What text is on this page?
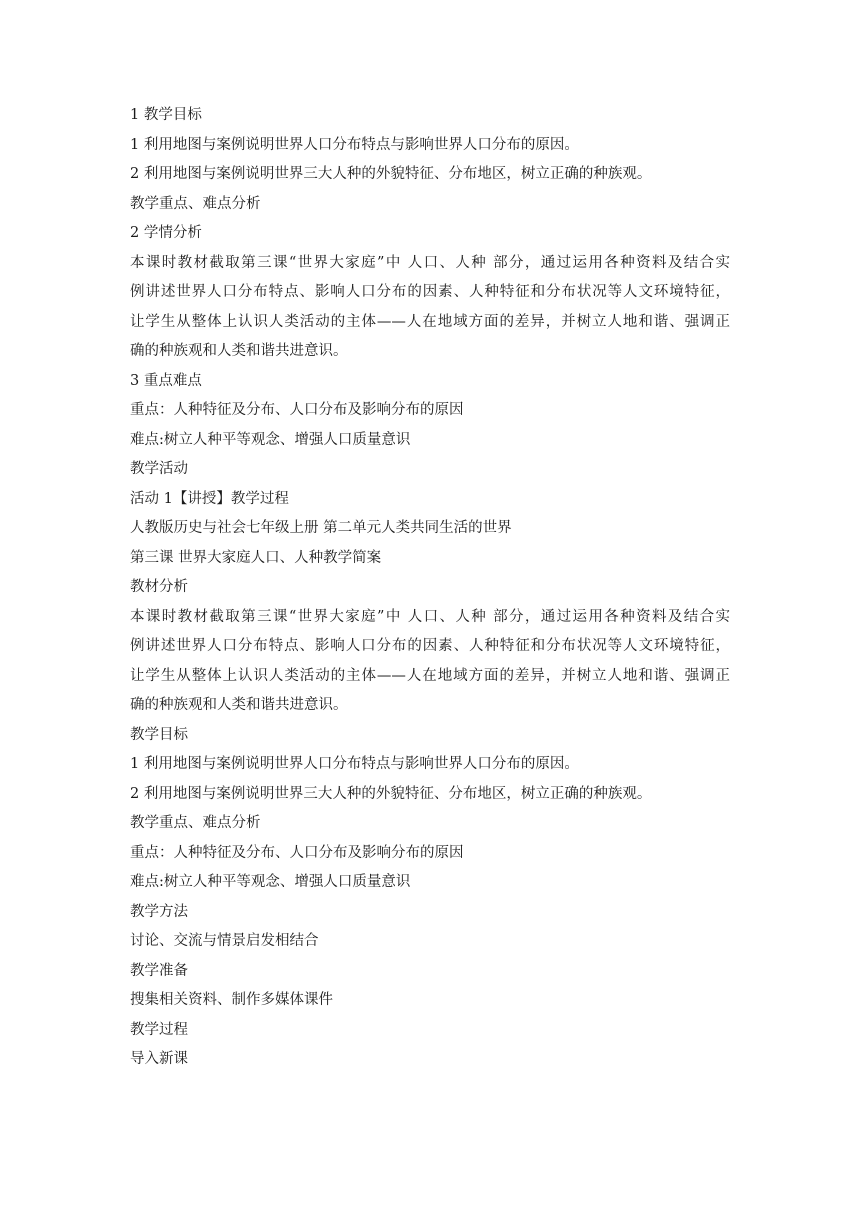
1 教学目标
1 利用地图与案例说明世界人口分布特点与影响世界人口分布的原因。
2 利用地图与案例说明世界三大人种的外貌特征、分布地区，树立正确的种族观。
教学重点、难点分析
2 学情分析
本课时教材截取第三课“世界大家庭”中 人口、人种 部分，通过运用各种资料及结合实
例讲述世界人口分布特点、影响人口分布的因素、人种特征和分布状况等人文环境特征，
让学生从整体上认识人类活动的主体——人在地域方面的差异，并树立人地和谐、强调正
确的种族观和人类和谐共进意识。
3 重点难点
重点：人种特征及分布、人口分布及影响分布的原因
难点:树立人种平等观念、增强人口质量意识
教学活动
活动 1【讲授】教学过程
人教版历史与社会七年级上册 第二单元人类共同生活的世界
第三课 世界大家庭人口、人种教学简案
教材分析
本课时教材截取第三课“世界大家庭”中 人口、人种 部分，通过运用各种资料及结合实
例讲述世界人口分布特点、影响人口分布的因素、人种特征和分布状况等人文环境特征，
让学生从整体上认识人类活动的主体——人在地域方面的差异，并树立人地和谐、强调正
确的种族观和人类和谐共进意识。
教学目标
1 利用地图与案例说明世界人口分布特点与影响世界人口分布的原因。
2 利用地图与案例说明世界三大人种的外貌特征、分布地区，树立正确的种族观。
教学重点、难点分析
重点：人种特征及分布、人口分布及影响分布的原因
难点:树立人种平等观念、增强人口质量意识
教学方法
讨论、交流与情景启发相结合
教学准备
搜集相关资料、制作多媒体课件
教学过程
导入新课
